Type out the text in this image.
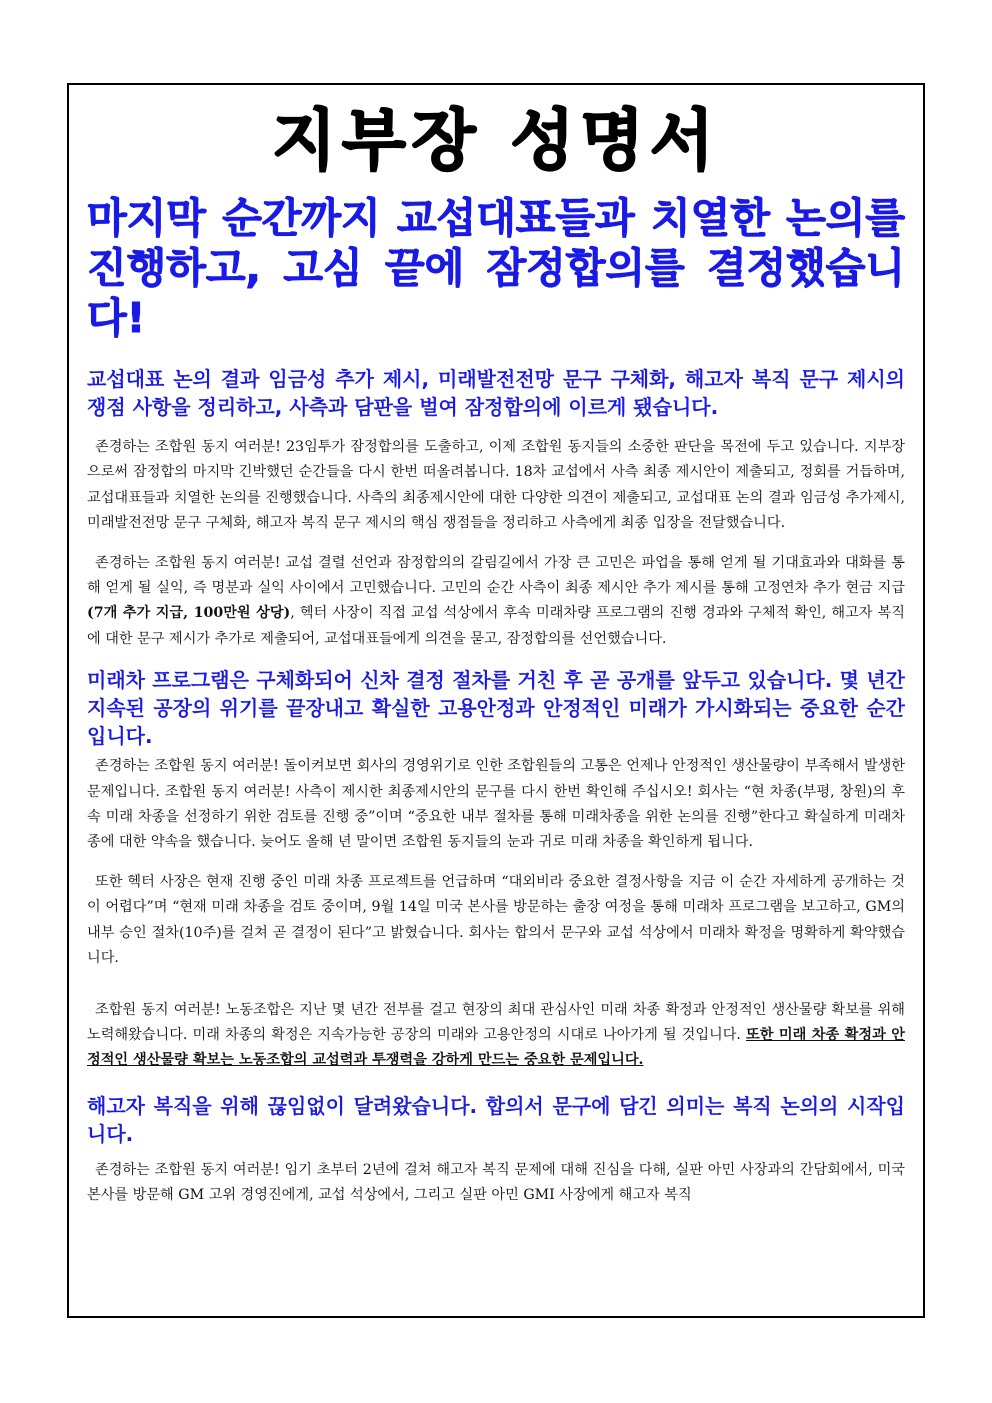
지부장 성명서
마지막 순간까지 교섭대표들과 치열한 논의를
진행하고, 고심 끝에 잠정합의를 결정했습니다!
교섭대표 논의 결과 임금성 추가 제시, 미래발전전망 문구 구체화, 해고자 복직 문구 제시의 쟁점 사항을 정리하고, 사측과 담판을 벌여 잠정합의에 이르게 됐습니다.
존경하는 조합원 동지 여러분! 23임투가 잠정합의를 도출하고, 이제 조합원 동지들의 소중한 판단을 목전에 두고 있습니다. 지부장으로써 잠정합의 마지막 긴박했던 순간들을 다시 한번 떠올려봅니다. 18차 교섭에서 사측 최종 제시안이 제출되고, 정회를 거듭하며, 교섭대표들과 치열한 논의를 진행했습니다. 사측의 최종제시안에 대한 다양한 의견이 제출되고, 교섭대표 논의 결과 임금성 추가제시, 미래발전전망 문구 구체화, 해고자 복직 문구 제시의 핵심 쟁점들을 정리하고 사측에게 최종 입장을 전달했습니다.
존경하는 조합원 동지 여러분! 교섭 결렬 선언과 잠정합의의 갈림길에서 가장 큰 고민은 파업을 통해 얻게 될 기대효과와 대화를 통해 얻게 될 실익, 즉 명분과 실익 사이에서 고민했습니다. 고민의 순간 사측이 최종 제시안 추가 제시를 통해 고정연차 추가 현금 지급 (7개 추가 지급, 100만원 상당), 헥터 사장이 직접 교섭 석상에서 후속 미래차량 프로그램의 진행 경과와 구체적 확인, 해고자 복직에 대한 문구 제시가 추가로 제출되어, 교섭대표들에게 의견을 묻고, 잠정합의를 선언했습니다.
미래차 프로그램은 구체화되어 신차 결정 절차를 거친 후 곧 공개를 앞두고 있습니다. 몇 년간 지속된 공장의 위기를 끝장내고 확실한 고용안정과 안정적인 미래가 가시화되는 중요한 순간입니다.
존경하는 조합원 동지 여러분! 돌이켜보면 회사의 경영위기로 인한 조합원들의 고통은 언제나 안정적인 생산물량이 부족해서 발생한 문제입니다. 조합원 동지 여러분! 사측이 제시한 최종제시안의 문구를 다시 한번 확인해 주십시오! 회사는 “현 차종(부평, 창원)의 후속 미래 차종을 선정하기 위한 검토를 진행 중”이며 “중요한 내부 절차를 통해 미래차종을 위한 논의를 진행”한다고 확실하게 미래차종에 대한 약속을 했습니다. 늦어도 올해 년 말이면 조합원 동지들의 눈과 귀로 미래 차종을 확인하게 됩니다.
또한 헥터 사장은 현재 진행 중인 미래 차종 프로젝트를 언급하며 “대외비라 중요한 결정사항을 지금 이 순간 자세하게 공개하는 것이 어렵다”며 “현재 미래 차종을 검토 중이며, 9월 14일 미국 본사를 방문하는 출장 여정을 통해 미래차 프로그램을 보고하고, GM의 내부 승인 절차(10주)를 걸쳐 곧 결정이 된다”고 밝혔습니다. 회사는 합의서 문구와 교섭 석상에서 미래차 확정을 명확하게 확약했습니다.
조합원 동지 여러분! 노동조합은 지난 몇 년간 전부를 걸고 현장의 최대 관심사인 미래 차종 확정과 안정적인 생산물량 확보를 위해 노력해왔습니다. 미래 차종의 확정은 지속가능한 공장의 미래와 고용안정의 시대로 나아가게 될 것입니다. 또한 미래 차종 확정과 안정적인 생산물량 확보는 노동조합의 교섭력과 투쟁력을 강하게 만드는 중요한 문제입니다.
해고자 복직을 위해 끊임없이 달려왔습니다. 합의서 문구에 담긴 의미는 복직 논의의 시작입니다.
존경하는 조합원 동지 여러분! 임기 초부터 2년에 걸쳐 해고자 복직 문제에 대해 진심을 다해, 실판 아민 사장과의 간담회에서, 미국 본사를 방문해 GM 고위 경영진에게, 교섭 석상에서, 그리고 실판 아민 GMI 사장에게 해고자 복직
